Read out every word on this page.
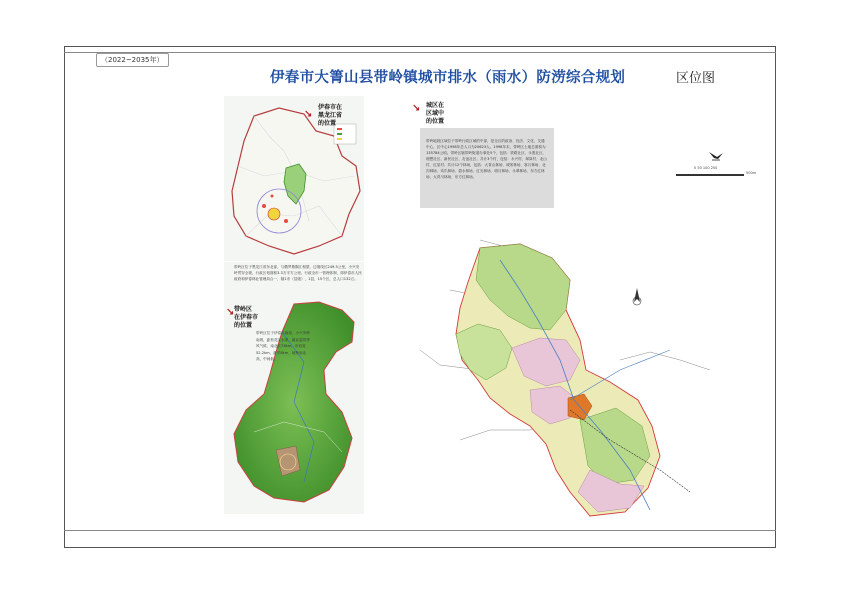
（2022~2035年）
伊春市大箐山县带岭镇城市排水（雨水）防涝综合规划	区位图
0 50 100 250
500m
伊春市在
黑龙江省
的位置
↘
带岭区位于黑龙江省东北部，与俄罗斯隔江相望，边境线长249.5公里，小兴安岭贯穿全境，行政区划面积3.3万平方公里。行政全市一管理体制，即伊春市人民政府和伊春林业管理局合一，辖1市（县级），1县，15个区，总人口132万。
带岭区位于伊春市南部，小兴安岭南坡，距松花江水系，属亚温带季风气候，南北长78km，东西宽52.2km，最窄8km，地势南北高，中间低。
带岭区
在伊春市
的位置
↘
城区在
区域中
的位置
↘
带岭地段区域位于带岭行政区域的中部，是全区的政治、经济、文化、交通中心，区中心1998年总人口为20623人。1998年末，带岭区土地总面积为135784公顷。带岭区辖带岭街道办事处5个，包括：铁路社区、永胜社区、理想社区、新民社区、友谊社区；共计3个村，包括：永兴村、翠岗村、北山村、红星村；共计12个林场，包括：大青山林场、城郊林场、寒月林场、北沟林场、鸡爪林场、碧水林场、红光林场、明月林场、永翠林场、东方红林场、大青川林场、东方红林场。
